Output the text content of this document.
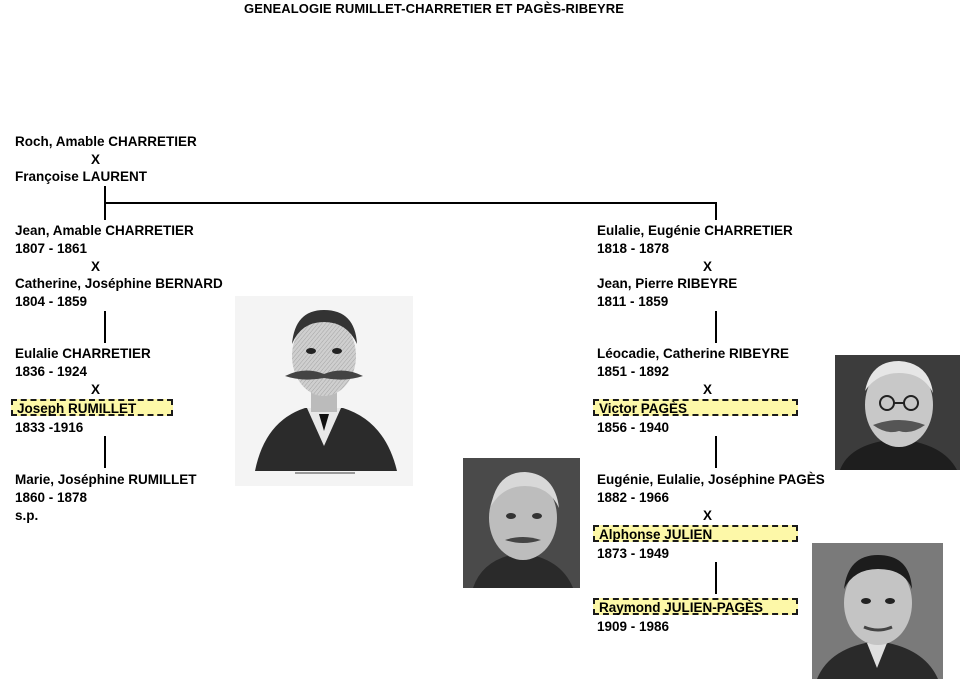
GENEALOGIE RUMILLET-CHARRETIER ET PAGÈS-RIBEYRE
Roch, Amable CHARRETIER
X
Françoise LAURENT
Jean, Amable CHARRETIER
1807 - 1861
X
Catherine, Joséphine BERNARD
1804 - 1859
Eulalie CHARRETIER
1836 - 1924
X
Joseph RUMILLET
1833 -1916
Marie, Joséphine RUMILLET
1860 - 1878
s.p.
Eulalie, Eugénie CHARRETIER
1818 - 1878
X
Jean, Pierre RIBEYRE
1811 - 1859
Léocadie, Catherine RIBEYRE
1851 - 1892
X
Victor PAGÈS
1856 - 1940
Eugénie, Eulalie, Joséphine PAGÈS
1882 - 1966
X
Alphonse JULIEN
1873 - 1949
Raymond JULIEN-PAGÈS
1909 - 1986
